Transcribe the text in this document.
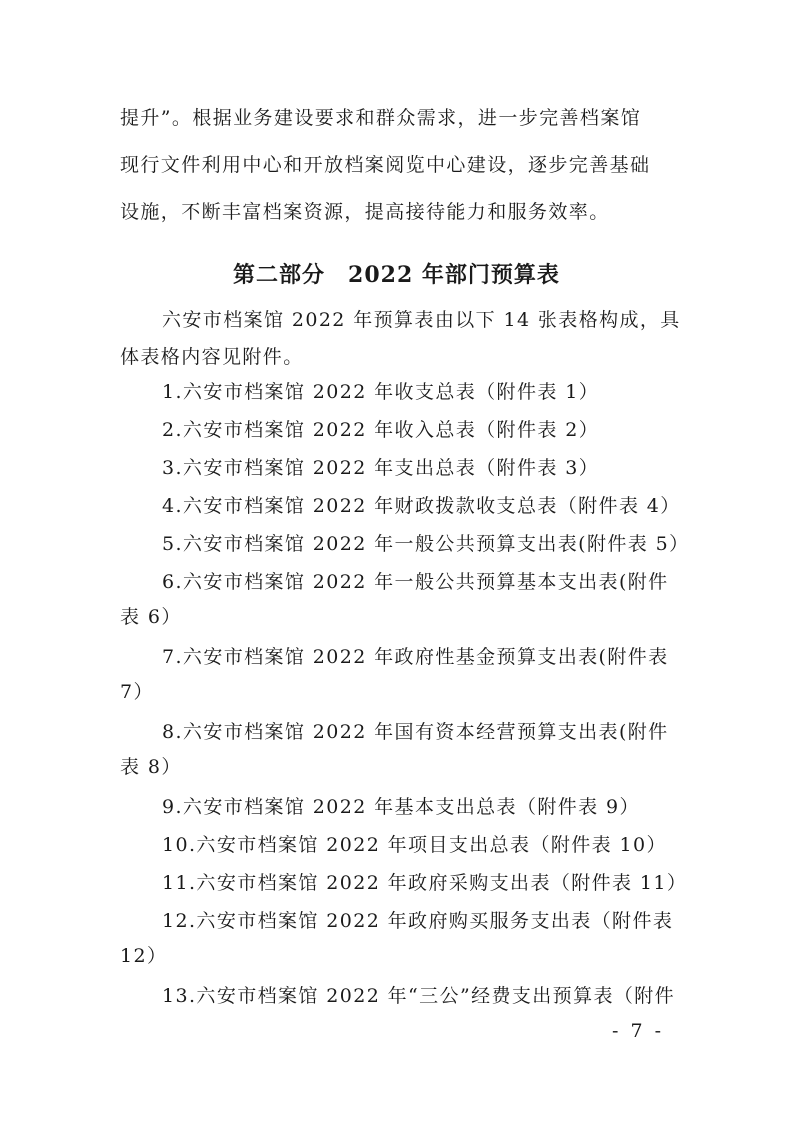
提升”。根据业务建设要求和群众需求，进一步完善档案馆
现行文件利用中心和开放档案阅览中心建设，逐步完善基础
设施，不断丰富档案资源，提高接待能力和服务效率。
第二部分　2022 年部门预算表
六安市档案馆 2022 年预算表由以下 14 张表格构成，具
体表格内容见附件。
1.六安市档案馆 2022 年收支总表（附件表 1）
2.六安市档案馆 2022 年收入总表（附件表 2）
3.六安市档案馆 2022 年支出总表（附件表 3）
4.六安市档案馆 2022 年财政拨款收支总表（附件表 4）
5.六安市档案馆 2022 年一般公共预算支出表(附件表 5）
6.六安市档案馆 2022 年一般公共预算基本支出表(附件
表 6）
7.六安市档案馆 2022 年政府性基金预算支出表(附件表
7）
8.六安市档案馆 2022 年国有资本经营预算支出表(附件
表 8）
9.六安市档案馆 2022 年基本支出总表（附件表 9）
10.六安市档案馆 2022 年项目支出总表（附件表 10）
11.六安市档案馆 2022 年政府采购支出表（附件表 11）
12.六安市档案馆 2022 年政府购买服务支出表（附件表
12）
13.六安市档案馆 2022 年“三公”经费支出预算表（附件
- 7 -
